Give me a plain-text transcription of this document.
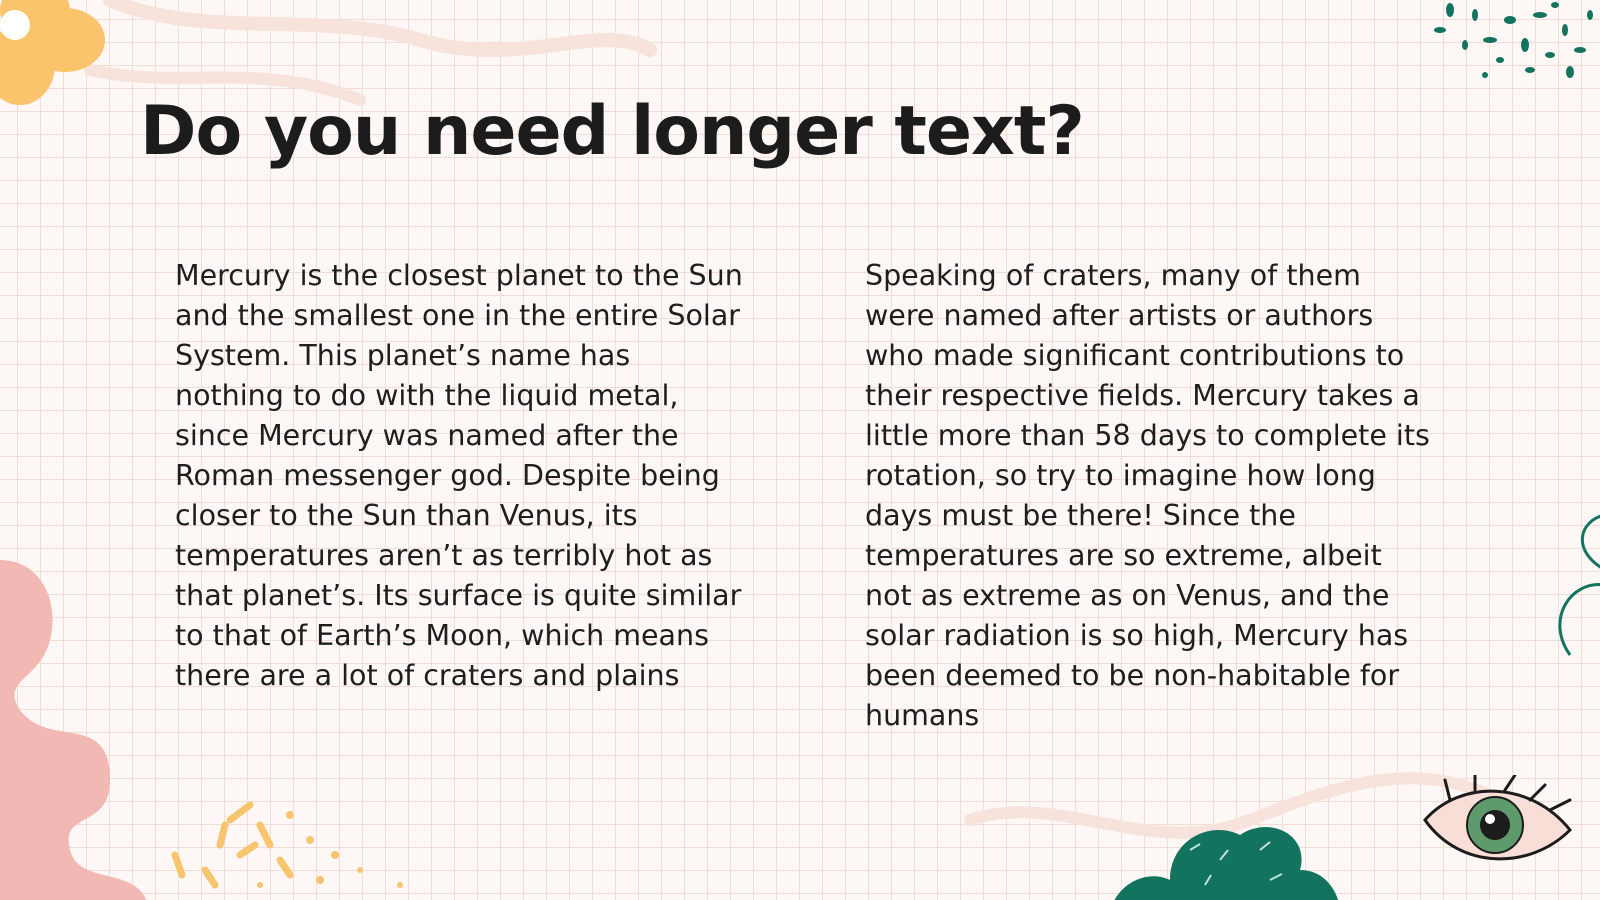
Do you need longer text?

Mercury is the closest planet to the Sun and the smallest one in the entire Solar System. This planet’s name has nothing to do with the liquid metal, since Mercury was named after the Roman messenger god. Despite being closer to the Sun than Venus, its temperatures aren’t as terribly hot as that planet’s. Its surface is quite similar to that of Earth’s Moon, which means there are a lot of craters and plains

Speaking of craters, many of them were named after artists or authors who made significant contributions to their respective fields. Mercury takes a little more than 58 days to complete its rotation, so try to imagine how long days must be there! Since the temperatures are so extreme, albeit not as extreme as on Venus, and the solar radiation is so high, Mercury has been deemed to be non-habitable for humans
